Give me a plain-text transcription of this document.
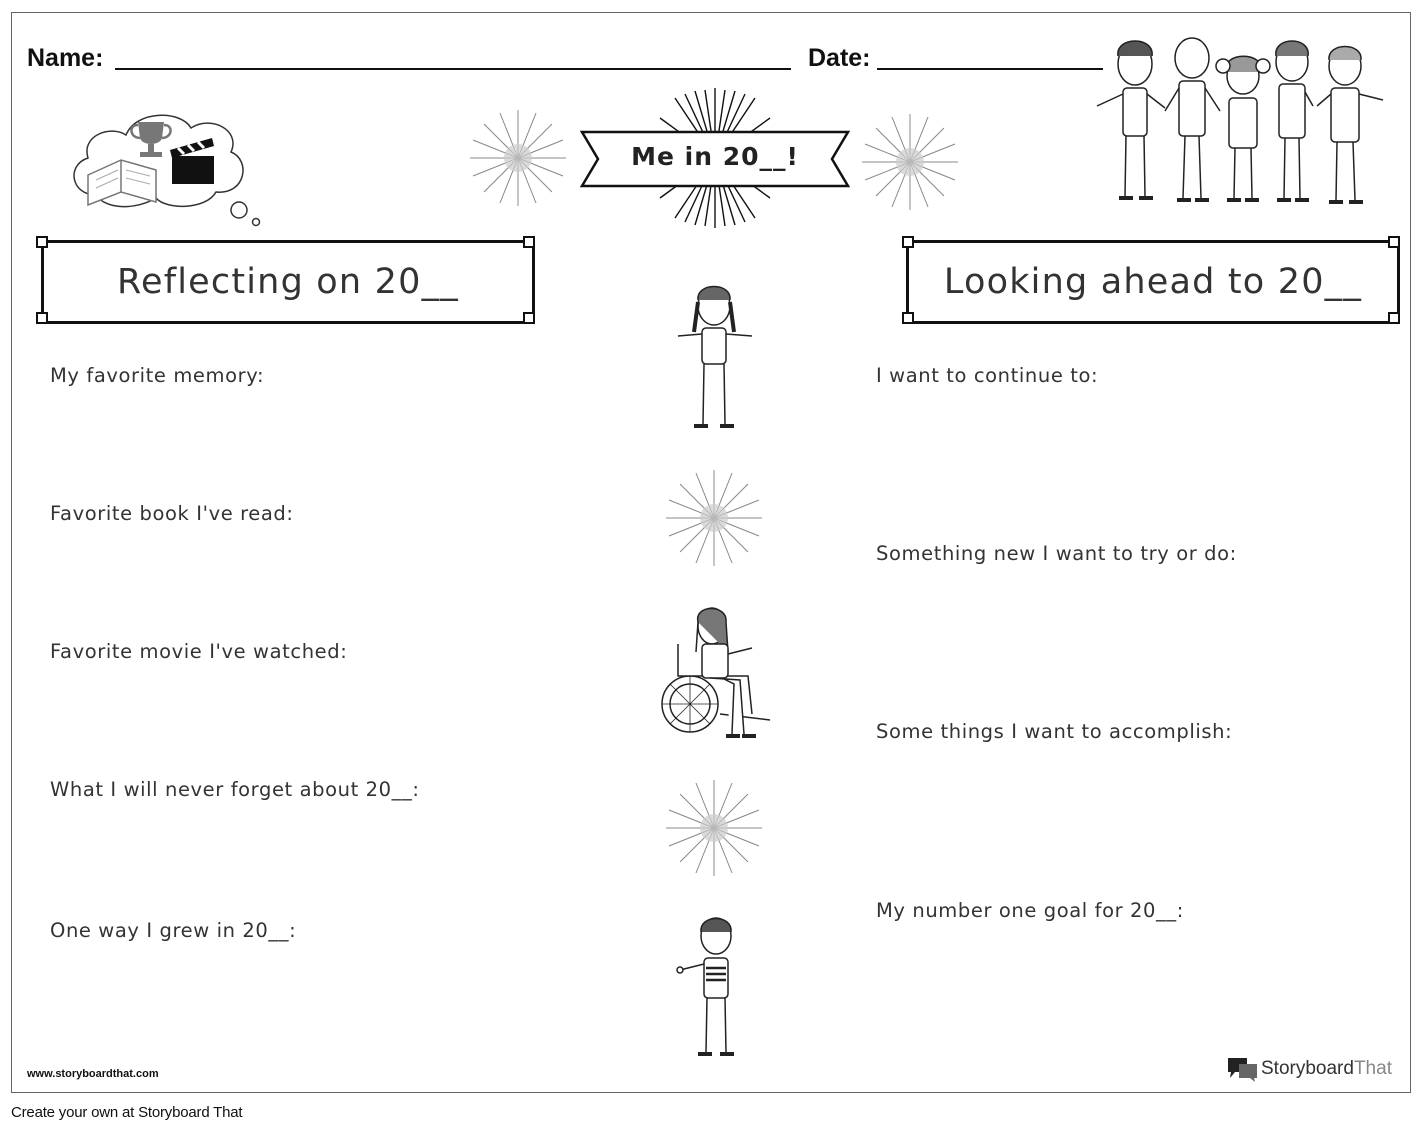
Name:	Date:
Me in 20__!
Reflecting on 20__	Looking ahead to 20__
My favorite memory:
Favorite book I've read:
Favorite movie I've watched:
What I will never forget about 20__:
One way I grew in 20__:
I want to continue to:
Something new I want to try or do:
Some things I want to accomplish:
My number one goal for 20__:
www.storyboardthat.com	Storyboard That
Create your own at Storyboard That
